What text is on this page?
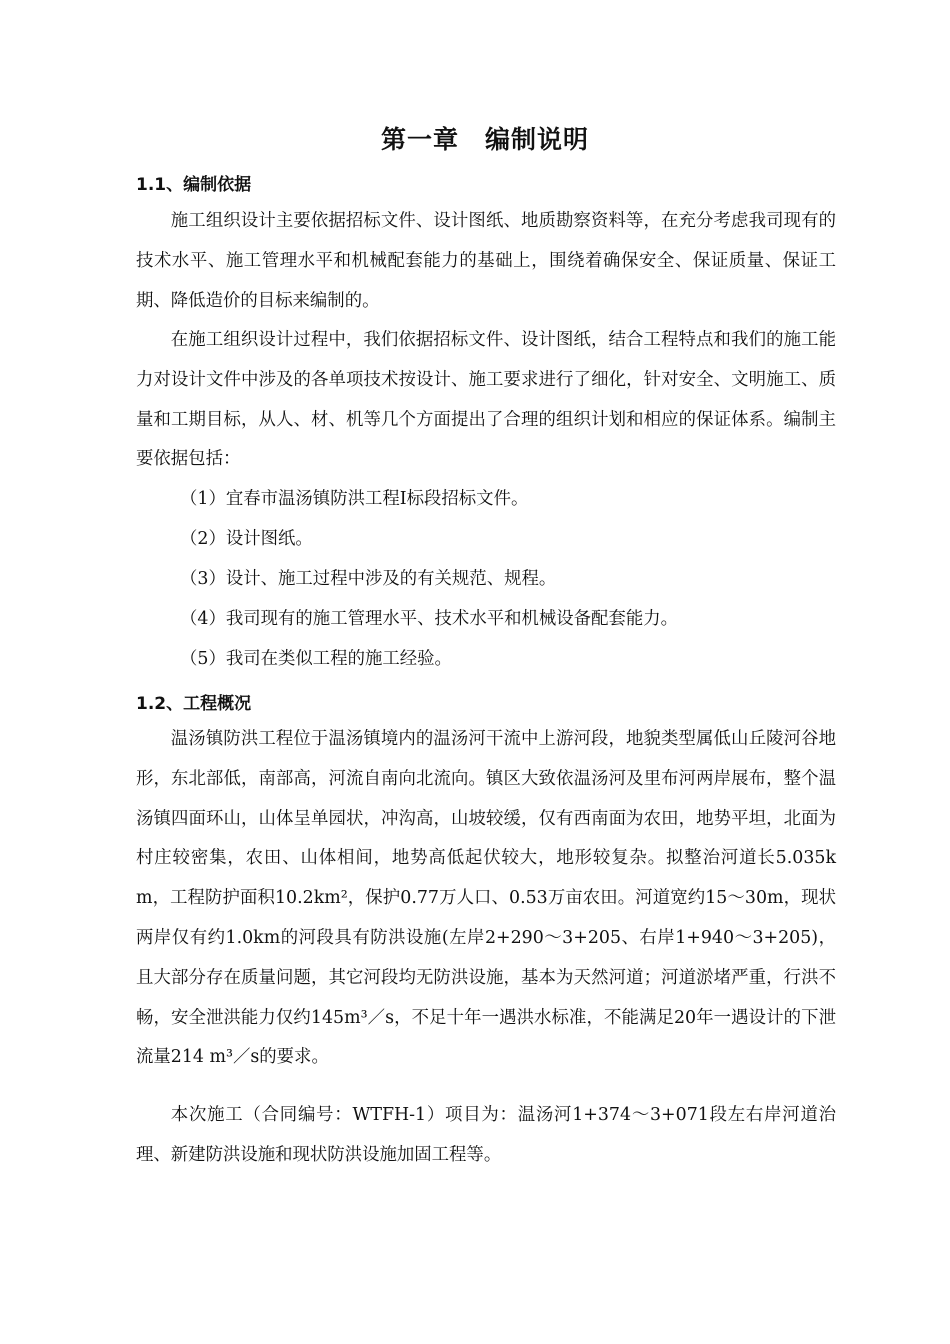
第一章　编制说明
1.1、编制依据
施工组织设计主要依据招标文件、设计图纸、地质勘察资料等，在充分考虑我司现有的技术水平、施工管理水平和机械配套能力的基础上，围绕着确保安全、保证质量、保证工期、降低造价的目标来编制的。
在施工组织设计过程中，我们依据招标文件、设计图纸，结合工程特点和我们的施工能力对设计文件中涉及的各单项技术按设计、施工要求进行了细化，针对安全、文明施工、质量和工期目标，从人、材、机等几个方面提出了合理的组织计划和相应的保证体系。编制主要依据包括：
（1）宜春市温汤镇防洪工程Ⅰ标段招标文件。
（2）设计图纸。
（3）设计、施工过程中涉及的有关规范、规程。
（4）我司现有的施工管理水平、技术水平和机械设备配套能力。
（5）我司在类似工程的施工经验。
1.2、工程概况
温汤镇防洪工程位于温汤镇境内的温汤河干流中上游河段，地貌类型属低山丘陵河谷地形，东北部低，南部高，河流自南向北流向。镇区大致依温汤河及里布河两岸展布，整个温汤镇四面环山，山体呈单园状，冲沟高，山坡较缓，仅有西南面为农田，地势平坦，北面为村庄较密集，农田、山体相间，地势高低起伏较大，地形较复杂。拟整治河道长5.035km，工程防护面积10.2km²，保护0.77万人口、0.53万亩农田。河道宽约15～30m，现状两岸仅有约1.0km的河段具有防洪设施(左岸2+290～3+205、右岸1+940～3+205)，且大部分存在质量问题，其它河段均无防洪设施，基本为天然河道；河道淤堵严重，行洪不畅，安全泄洪能力仅约145m³／s，不足十年一遇洪水标准，不能满足20年一遇设计的下泄流量214 m³／s的要求。
本次施工（合同编号：WTFH-1）项目为：温汤河1+374～3+071段左右岸河道治理、新建防洪设施和现状防洪设施加固工程等。
